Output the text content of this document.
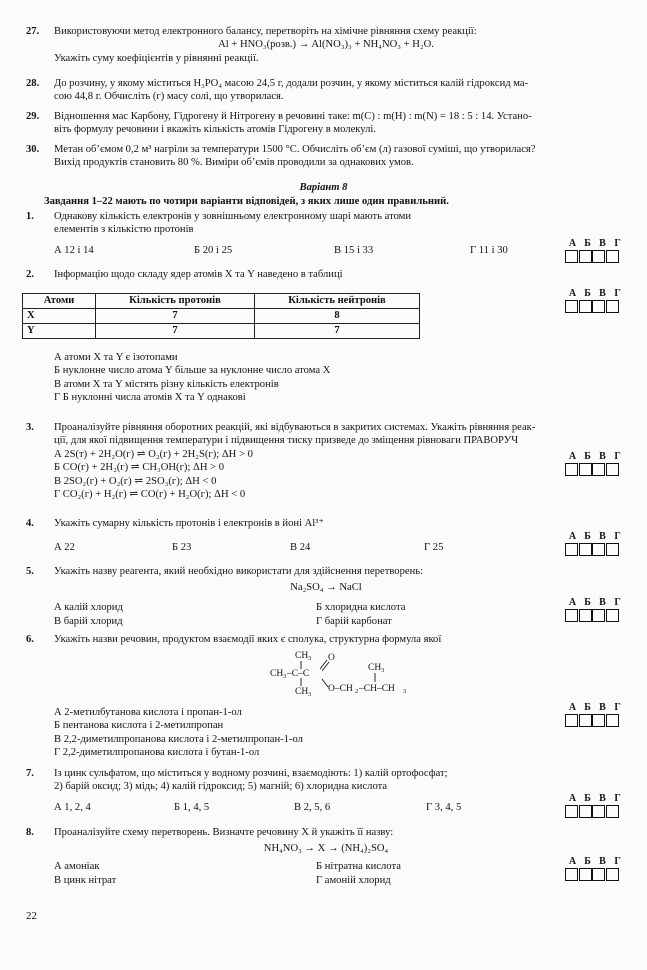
27. Використовуючи метод електронного балансу, перетворіть на хімічне рівняння схему реакції:
Al + HNO₃(розв.) → Al(NO₃)₃ + NH₄NO₃ + H₂O.
Укажіть суму коефіцієнтів у рівнянні реакції.
28. До розчину, у якому міститься H₃PO₄ масою 24,5 г, додали розчин, у якому міститься калій гідроксид ма-
сою 44,8 г. Обчисліть (г) масу солі, що утворилася.
29. Відношення мас Карбону, Гідрогену й Нітрогену в речовині таке: m(C) : m(H) : m(N) = 18 : 5 : 14. Устано-
віть формулу речовини і вкажіть кількість атомів Гідрогену в молекулі.
30. Метан об’ємом 0,2 м³ нагріли за температури 1500 °С. Обчисліть об’єм (л) газової суміші, що утворилася?
Вихід продуктів становить 80 %. Виміри об’ємів проводили за однакових умов.
Варіант 8
Завдання 1–22 мають по чотири варіанти відповідей, з яких лише один правильний.
1. Однакову кількість електронів у зовнішньому електронному шарі мають атоми
елементів з кількістю протонів
А 12 і 14	Б 20 і 25	В 15 і 33	Г 11 і 30
А Б В Г
2. Інформацію щодо складу ядер атомів X та Y наведено в таблиці
Атоми	Кількість протонів	Кількість нейтронів
X	7	8
Y	7	7
А Б В Г
А атоми X та Y є ізотопами
Б нуклонне число атома Y більше за нуклонне число атома X
В атоми X та Y містять різну кількість електронів
Г Б нуклонні числа атомів X та Y однакові
3. Проаналізуйте рівняння оборотних реакцій, які відбуваються в закритих системах. Укажіть рівняння реак-
ції, для якої підвищення температури і підвищення тиску призведе до зміщення рівноваги ПРАВОРУЧ
А 2S(т) + 2H₂O(г) ⇌ O₂(г) + 2H₂S(г); ΔH > 0
Б CO(г) + 2H₂(г) ⇌ CH₃OH(г); ΔH > 0
В 2SO₂(г) + O₂(г) ⇌ 2SO₃(г); ΔH < 0
Г CO₂(г) + H₂(г) ⇌ CO(г) + H₂O(г); ΔH < 0
А Б В Г
4. Укажіть сумарну кількість протонів і електронів в йоні Al³⁺
А 22	Б 23	В 24	Г 25
А Б В Г
5. Укажіть назву реагента, який необхідно використати для здійснення перетворень:
Na₂SO₄ → NaCl
А калій хлорид	Б хлоридна кислота
В барій хлорид	Г барій карбонат
А Б В Г
6. Укажіть назви речовин, продуктом взаємодії яких є сполука, структурна формула якої
CH 3
CH 3 –C–C
O
CH 3
O–CH 2 –CH–CH 3
CH 3
А 2-метилбутанова кислота і пропан-1-ол
Б пентанова кислота і 2-метилпропан
В 2,2-диметилпропанова кислота і 2-метилпропан-1-ол
Г 2,2-диметилпропанова кислота і бутан-1-ол
А Б В Г
7. Із цинк сульфатом, що міститься у водному розчині, взаємодіють: 1) калій ортофосфат;
2) барій оксид; 3) мідь; 4) калій гідроксид; 5) магній; 6) хлоридна кислота
А 1, 2, 4	Б 1, 4, 5	В 2, 5, 6	Г 3, 4, 5
А Б В Г
8. Проаналізуйте схему перетворень. Визначте речовину X й укажіть її назву:
NH₄NO₃ → X → (NH₄)₂SO₄
А амоніак	Б нітратна кислота
В цинк нітрат	Г амоній хлорид
А Б В Г
22
